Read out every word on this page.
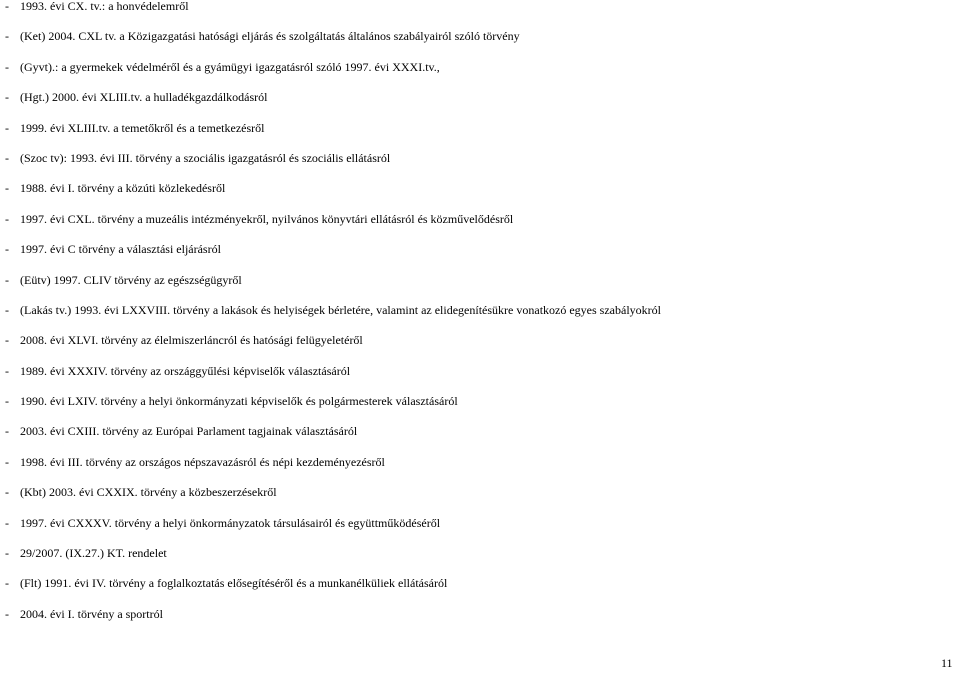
- 1993. évi CX. tv.: a honvédelemről
- (Ket) 2004. CXL tv. a Közigazgatási hatósági eljárás és szolgáltatás általános szabályairól szóló törvény
- (Gyvt).: a gyermekek védelméről és a gyámügyi igazgatásról szóló 1997. évi XXXI.tv.,
- (Hgt.) 2000. évi XLIII.tv. a hulladékgazdálkodásról
- 1999. évi XLIII.tv. a temetőkről és a temetkezésről
- (Szoc tv): 1993. évi III. törvény a szociális igazgatásról és szociális ellátásról
- 1988. évi I. törvény a közúti közlekedésről
- 1997. évi CXL. törvény a muzeális intézményekről, nyilvános könyvtári ellátásról és közművelődésről
- 1997. évi C törvény a választási eljárásról
- (Eütv) 1997. CLIV törvény az egészségügyről
- (Lakás tv.) 1993. évi LXXVIII. törvény a lakások és helyiségek bérletére, valamint az elidegenítésükre vonatkozó egyes szabályokról
- 2008. évi XLVI. törvény az élelmiszerláncról és hatósági felügyeletéről
- 1989. évi XXXIV. törvény az országgyűlési képviselők választásáról
- 1990. évi LXIV. törvény a helyi önkormányzati képviselők és polgármesterek választásáról
- 2003. évi CXIII. törvény az Európai Parlament tagjainak választásáról
- 1998. évi III. törvény az országos népszavazásról és népi kezdeményezésről
- (Kbt) 2003. évi CXXIX. törvény a közbeszerzésekről
- 1997. évi CXXXV. törvény a helyi önkormányzatok társulásairól és együttműködéséről
- 29/2007. (IX.27.) KT. rendelet
- (Flt) 1991. évi IV. törvény a foglalkoztatás elősegítéséről és a munkanélküliek ellátásáról
- 2004. évi I. törvény a sportról
11
